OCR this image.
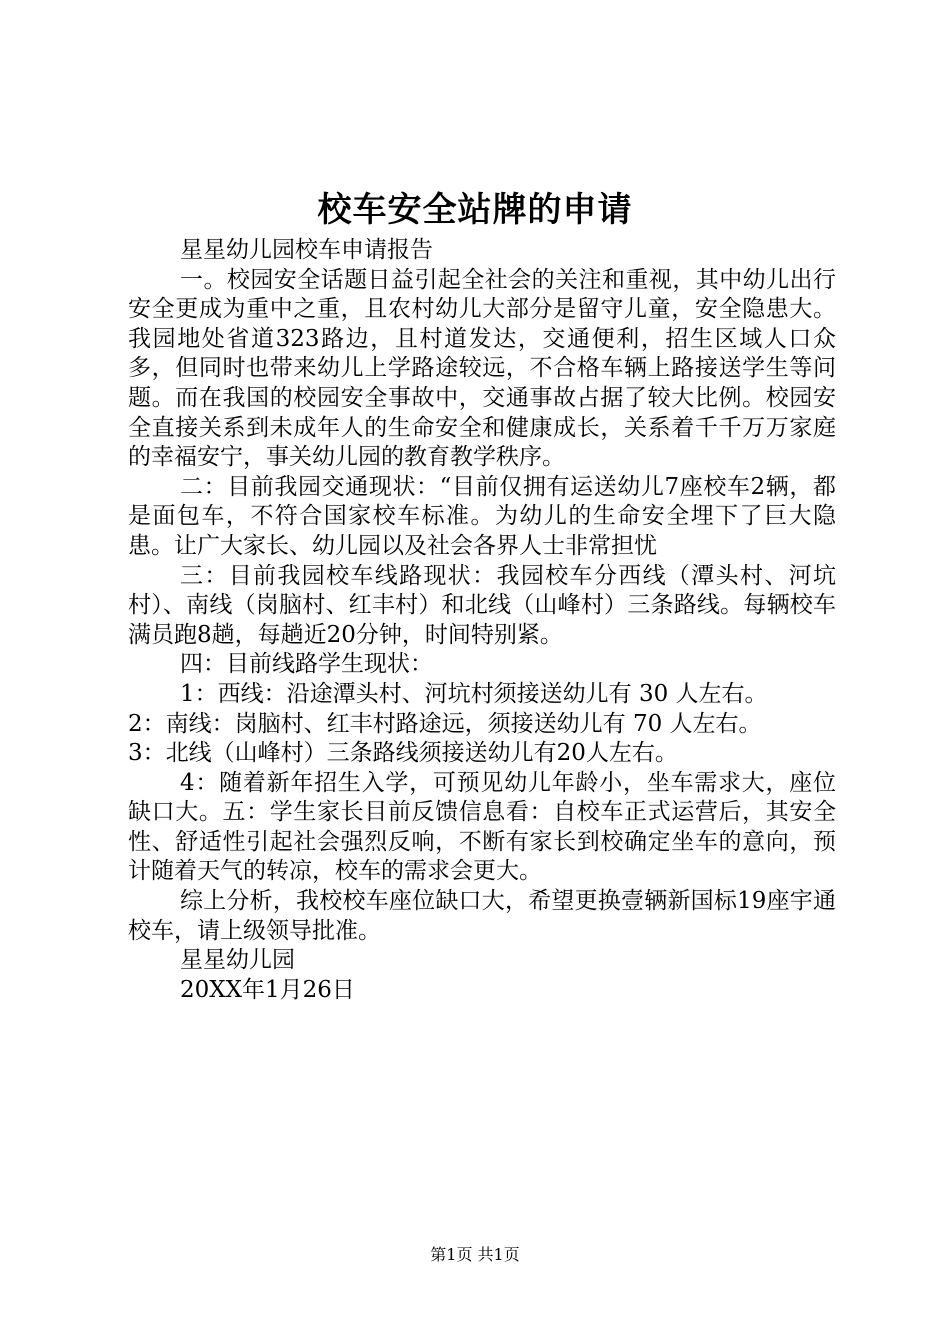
校车安全站牌的申请

星星幼儿园校车申请报告

一。校园安全话题日益引起全社会的关注和重视，其中幼儿出行安全更成为重中之重，且农村幼儿大部分是留守儿童，安全隐患大。我园地处省道323路边，且村道发达，交通便利，招生区域人口众多，但同时也带来幼儿上学路途较远，不合格车辆上路接送学生等问题。而在我国的校园安全事故中，交通事故占据了较大比例。校园安全直接关系到未成年人的生命安全和健康成长，关系着千千万万家庭的幸福安宁，事关幼儿园的教育教学秩序。

二：目前我园交通现状：“目前仅拥有运送幼儿7座校车2辆，都是面包车，不符合国家校车标准。为幼儿的生命安全埋下了巨大隐患。让广大家长、幼儿园以及社会各界人士非常担忧

三：目前我园校车线路现状：我园校车分西线（潭头村、河坑村）、南线（岗脑村、红丰村）和北线（山峰村）三条路线。每辆校车满员跑8趟，每趟近20分钟，时间特别紧。

四：目前线路学生现状：

1：西线：沿途潭头村、河坑村须接送幼儿有 30 人左右。

2：南线：岗脑村、红丰村路途远，须接送幼儿有 70 人左右。

3：北线（山峰村）三条路线须接送幼儿有20人左右。

4：随着新年招生入学，可预见幼儿年龄小，坐车需求大，座位缺口大。五：学生家长目前反馈信息看：自校车正式运营后，其安全性、舒适性引起社会强烈反响，不断有家长到校确定坐车的意向，预计随着天气的转凉，校车的需求会更大。

综上分析，我校校车座位缺口大，希望更换壹辆新国标19座宇通校车，请上级领导批准。

星星幼儿园

20XX年1月26日

第1页 共1页
